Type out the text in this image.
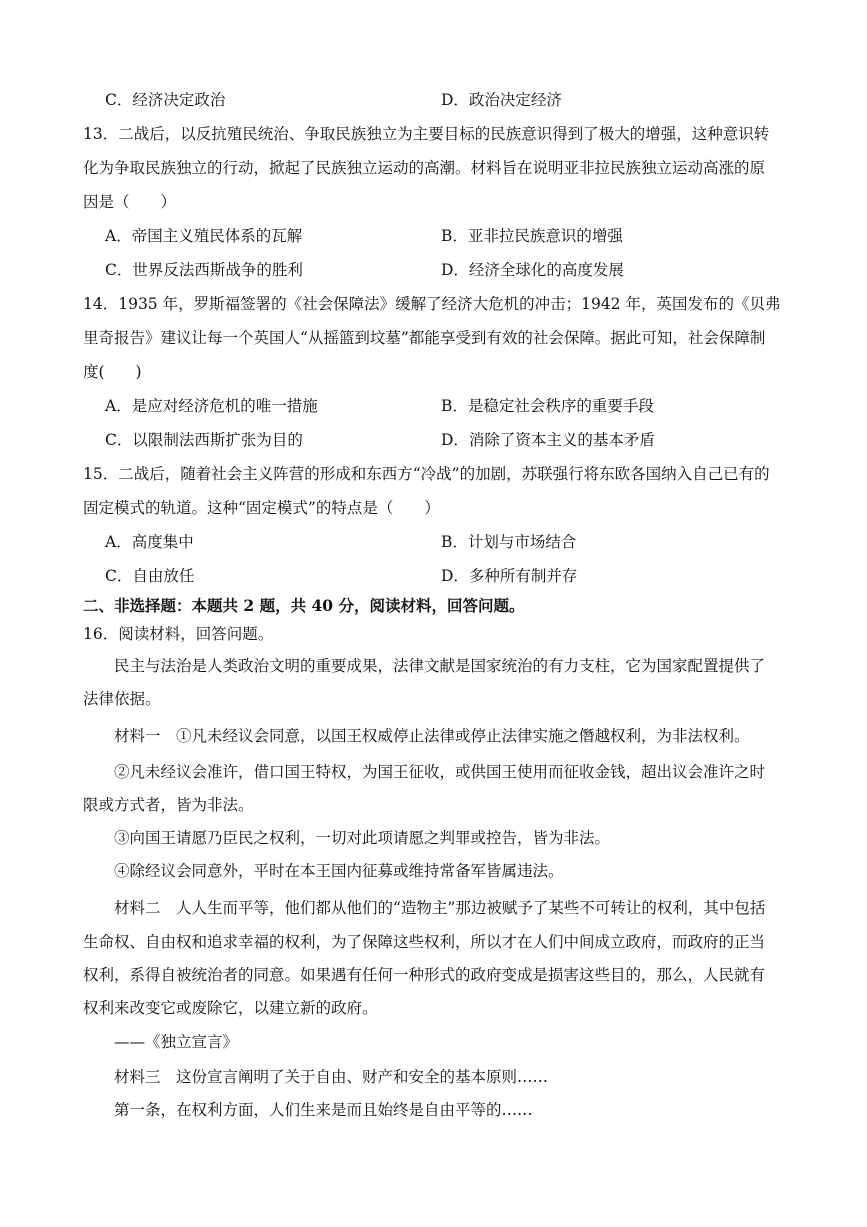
C．经济决定政治	D．政治决定经济
13．二战后，以反抗殖民统治、争取民族独立为主要目标的民族意识得到了极大的增强，这种意识转
化为争取民族独立的行动，掀起了民族独立运动的高潮。材料旨在说明亚非拉民族独立运动高涨的原
因是（　　）
A．帝国主义殖民体系的瓦解	B．亚非拉民族意识的增强
C．世界反法西斯战争的胜利	D．经济全球化的高度发展
14．1935 年，罗斯福签署的《社会保障法》缓解了经济大危机的冲击；1942 年，英国发布的《贝弗
里奇报告》建议让每一个英国人“从摇篮到坟墓”都能享受到有效的社会保障。据此可知，社会保障制
度(　　)
A．是应对经济危机的唯一措施	B．是稳定社会秩序的重要手段
C．以限制法西斯扩张为目的	D．消除了资本主义的基本矛盾
15．二战后，随着社会主义阵营的形成和东西方“冷战”的加剧，苏联强行将东欧各国纳入自己已有的
固定模式的轨道。这种“固定模式”的特点是（　　）
A．高度集中	B．计划与市场结合
C．自由放任	D．多种所有制并存
二、非选择题：本题共 2 题，共 40 分，阅读材料，回答问题。
16．阅读材料，回答问题。
　　民主与法治是人类政治文明的重要成果，法律文献是国家统治的有力支柱，它为国家配置提供了
法律依据。
　　材料一　①凡未经议会同意，以国王权威停止法律或停止法律实施之僭越权利，为非法权利。
　　②凡未经议会准许，借口国王特权，为国王征收，或供国王使用而征收金钱，超出议会准许之时
限或方式者，皆为非法。
　　③向国王请愿乃臣民之权利，一切对此项请愿之判罪或控告，皆为非法。
　　④除经议会同意外，平时在本王国内征募或维持常备军皆属违法。
　　材料二　人人生而平等，他们都从他们的“造物主”那边被赋予了某些不可转让的权利，其中包括
生命权、自由权和追求幸福的权利，为了保障这些权利，所以才在人们中间成立政府，而政府的正当
权利，系得自被统治者的同意。如果遇有任何一种形式的政府变成是损害这些目的，那么，人民就有
权利来改变它或废除它，以建立新的政府。
　　——《独立宣言》
　　材料三　这份宣言阐明了关于自由、财产和安全的基本原则……
　　第一条，在权利方面，人们生来是而且始终是自由平等的……
